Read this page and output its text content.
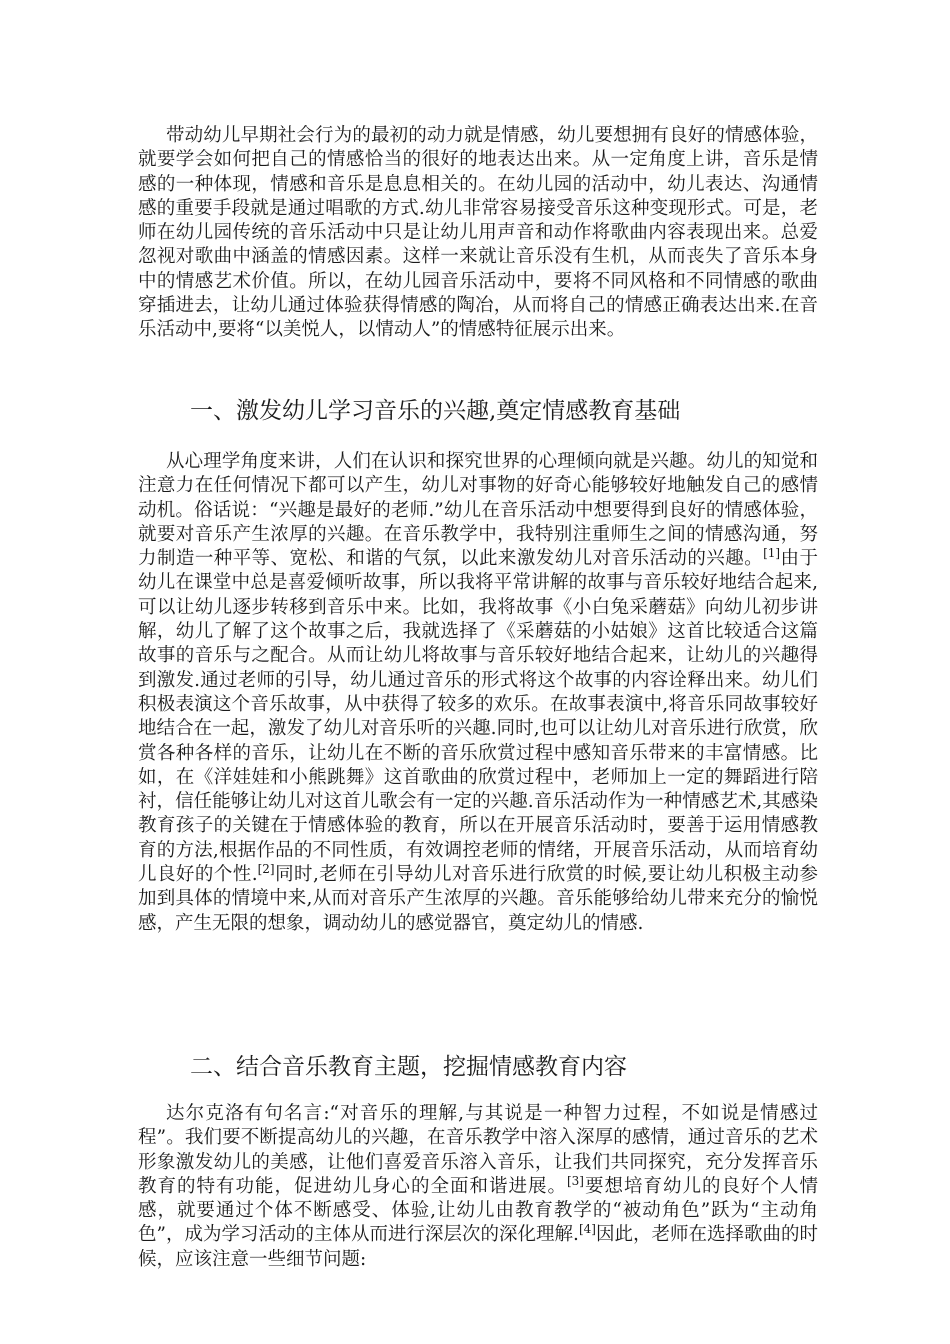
带动幼儿早期社会行为的最初的动力就是情感，幼儿要想拥有良好的情感体验，就要学会如何把自己的情感恰当的很好的地表达出来。从一定角度上讲，音乐是情感的一种体现，情感和音乐是息息相关的。在幼儿园的活动中，幼儿表达、沟通情感的重要手段就是通过唱歌的方式.幼儿非常容易接受音乐这种变现形式。可是，老师在幼儿园传统的音乐活动中只是让幼儿用声音和动作将歌曲内容表现出来。总爱忽视对歌曲中涵盖的情感因素。这样一来就让音乐没有生机，从而丧失了音乐本身中的情感艺术价值。所以，在幼儿园音乐活动中，要将不同风格和不同情感的歌曲穿插进去，让幼儿通过体验获得情感的陶冶，从而将自己的情感正确表达出来.在音乐活动中,要将“以美悦人，以情动人”的情感特征展示出来。

一、激发幼儿学习音乐的兴趣,奠定情感教育基础

从心理学角度来讲，人们在认识和探究世界的心理倾向就是兴趣。幼儿的知觉和注意力在任何情况下都可以产生，幼儿对事物的好奇心能够较好地触发自己的感情动机。俗话说：“兴趣是最好的老师.”幼儿在音乐活动中想要得到良好的情感体验，就要对音乐产生浓厚的兴趣。在音乐教学中，我特别注重师生之间的情感沟通，努力制造一种平等、宽松、和谐的气氛，以此来激发幼儿对音乐活动的兴趣。[1]由于幼儿在课堂中总是喜爱倾听故事，所以我将平常讲解的故事与音乐较好地结合起来,可以让幼儿逐步转移到音乐中来。比如，我将故事《小白兔采蘑菇》向幼儿初步讲解，幼儿了解了这个故事之后，我就选择了《采蘑菇的小姑娘》这首比较适合这篇故事的音乐与之配合。从而让幼儿将故事与音乐较好地结合起来，让幼儿的兴趣得到激发.通过老师的引导，幼儿通过音乐的形式将这个故事的内容诠释出来。幼儿们积极表演这个音乐故事，从中获得了较多的欢乐。在故事表演中,将音乐同故事较好地结合在一起，激发了幼儿对音乐听的兴趣.同时,也可以让幼儿对音乐进行欣赏，欣赏各种各样的音乐，让幼儿在不断的音乐欣赏过程中感知音乐带来的丰富情感。比如，在《洋娃娃和小熊跳舞》这首歌曲的欣赏过程中，老师加上一定的舞蹈进行陪衬，信任能够让幼儿对这首儿歌会有一定的兴趣.音乐活动作为一种情感艺术,其感染教育孩子的关键在于情感体验的教育，所以在开展音乐活动时，要善于运用情感教育的方法,根据作品的不同性质，有效调控老师的情绪，开展音乐活动，从而培育幼儿良好的个性.[2]同时,老师在引导幼儿对音乐进行欣赏的时候,要让幼儿积极主动参加到具体的情境中来,从而对音乐产生浓厚的兴趣。音乐能够给幼儿带来充分的愉悦感，产生无限的想象，调动幼儿的感觉器官，奠定幼儿的情感.

二、结合音乐教育主题，挖掘情感教育内容

达尔克洛有句名言:“对音乐的理解,与其说是一种智力过程，不如说是情感过程”。我们要不断提高幼儿的兴趣，在音乐教学中溶入深厚的感情，通过音乐的艺术形象激发幼儿的美感，让他们喜爱音乐溶入音乐，让我们共同探究，充分发挥音乐教育的特有功能，促进幼儿身心的全面和谐进展。[3]要想培育幼儿的良好个人情感，就要通过个体不断感受、体验,让幼儿由教育教学的“被动角色”跃为“主动角色”，成为学习活动的主体从而进行深层次的深化理解.[4]因此，老师在选择歌曲的时候，应该注意一些细节问题:
